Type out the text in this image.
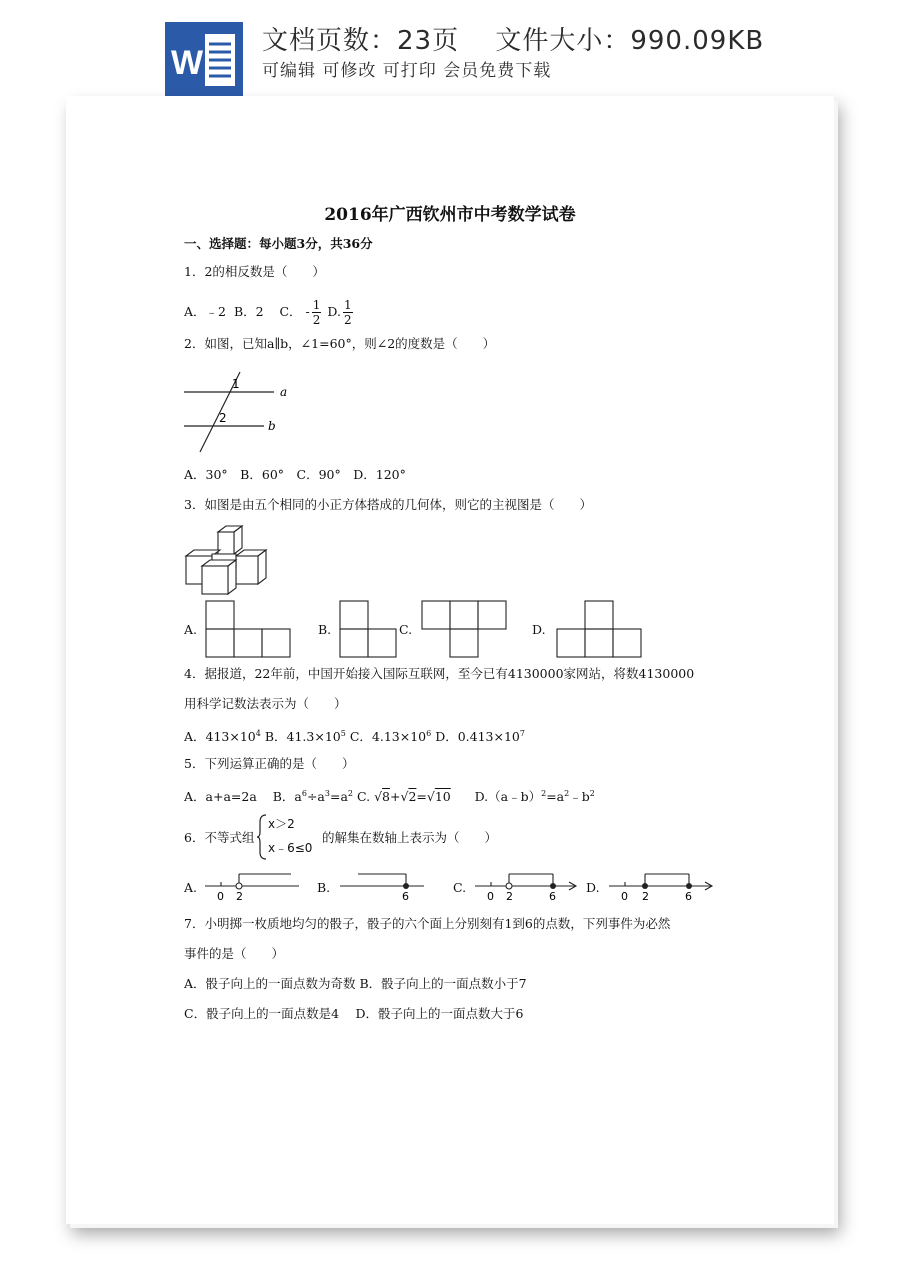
W
文档页数：23页　 文件大小：990.09KB
可编辑 可修改 可打印 会员免费下载
2016年广西钦州市中考数学试卷
一、选择题：每小题3分，共36分
1．2的相反数是（　　）
A．﹣2 B．2 C． - $\frac{1}{2} D$. $\frac{1}{2}$
2．如图，已知a∥b，∠1=60°，则∠2的度数是（　　）
1
2
a
b
A．30°　B．60°　C．90°　D．120°
3．如图是由五个相同的小正方体搭成的几何体，则它的主视图是（　　）
A.	B.	C.	D.
4．据报道，22年前，中国开始接入国际互联网，至今已有4130000家网站，将数4130000
用科学记数法表示为（　　）
A．$413\times 10^4$ B．$41.3\times 10^5$ C．$4.13\times 10^6$ D．$0.413\times 10^7$
5．下列运算正确的是（　　）
A．a+a=2a B．$a^6\div a^3=a^2$ C. √8+√2=√10 $D.(a﹣b)^2=a^2﹣b^2$
6．不等式组
x＞2
x﹣6≤0
的解集在数轴上表示为（　　）
A.
0 2
B.
6
C.
0 2	6
D.
0 2	6
7．小明掷一枚质地均匀的骰子，骰子的六个面上分别刻有1到6的点数，下列事件为必然
事件的是（　　）
A．骰子向上的一面点数为奇数 B．骰子向上的一面点数小于7
C．骰子向上的一面点数是4　 D．骰子向上的一面点数大于6
